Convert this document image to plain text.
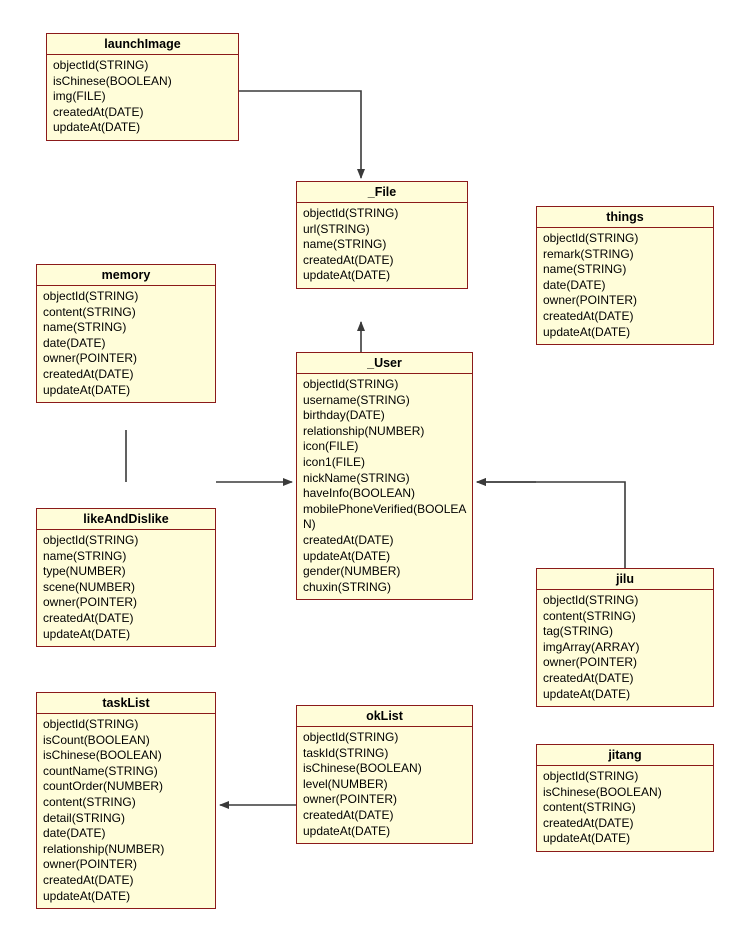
launchImage
objectId(STRING)
isChinese(BOOLEAN)
img(FILE)
createdAt(DATE)
updateAt(DATE)
_File
objectId(STRING)
url(STRING)
name(STRING)
createdAt(DATE)
updateAt(DATE)
things
objectId(STRING)
remark(STRING)
name(STRING)
date(DATE)
owner(POINTER)
createdAt(DATE)
updateAt(DATE)
memory
objectId(STRING)
content(STRING)
name(STRING)
date(DATE)
owner(POINTER)
createdAt(DATE)
updateAt(DATE)
_User
objectId(STRING)
username(STRING)
birthday(DATE)
relationship(NUMBER)
icon(FILE)
icon1(FILE)
nickName(STRING)
haveInfo(BOOLEAN)
mobilePhoneVerified(BOOLEAN)
createdAt(DATE)
updateAt(DATE)
gender(NUMBER)
chuxin(STRING)
likeAndDislike
objectId(STRING)
name(STRING)
type(NUMBER)
scene(NUMBER)
owner(POINTER)
createdAt(DATE)
updateAt(DATE)
jilu
objectId(STRING)
content(STRING)
tag(STRING)
imgArray(ARRAY)
owner(POINTER)
createdAt(DATE)
updateAt(DATE)
taskList
objectId(STRING)
isCount(BOOLEAN)
isChinese(BOOLEAN)
countName(STRING)
countOrder(NUMBER)
content(STRING)
detail(STRING)
date(DATE)
relationship(NUMBER)
owner(POINTER)
createdAt(DATE)
updateAt(DATE)
okList
objectId(STRING)
taskId(STRING)
isChinese(BOOLEAN)
level(NUMBER)
owner(POINTER)
createdAt(DATE)
updateAt(DATE)
jitang
objectId(STRING)
isChinese(BOOLEAN)
content(STRING)
createdAt(DATE)
updateAt(DATE)
